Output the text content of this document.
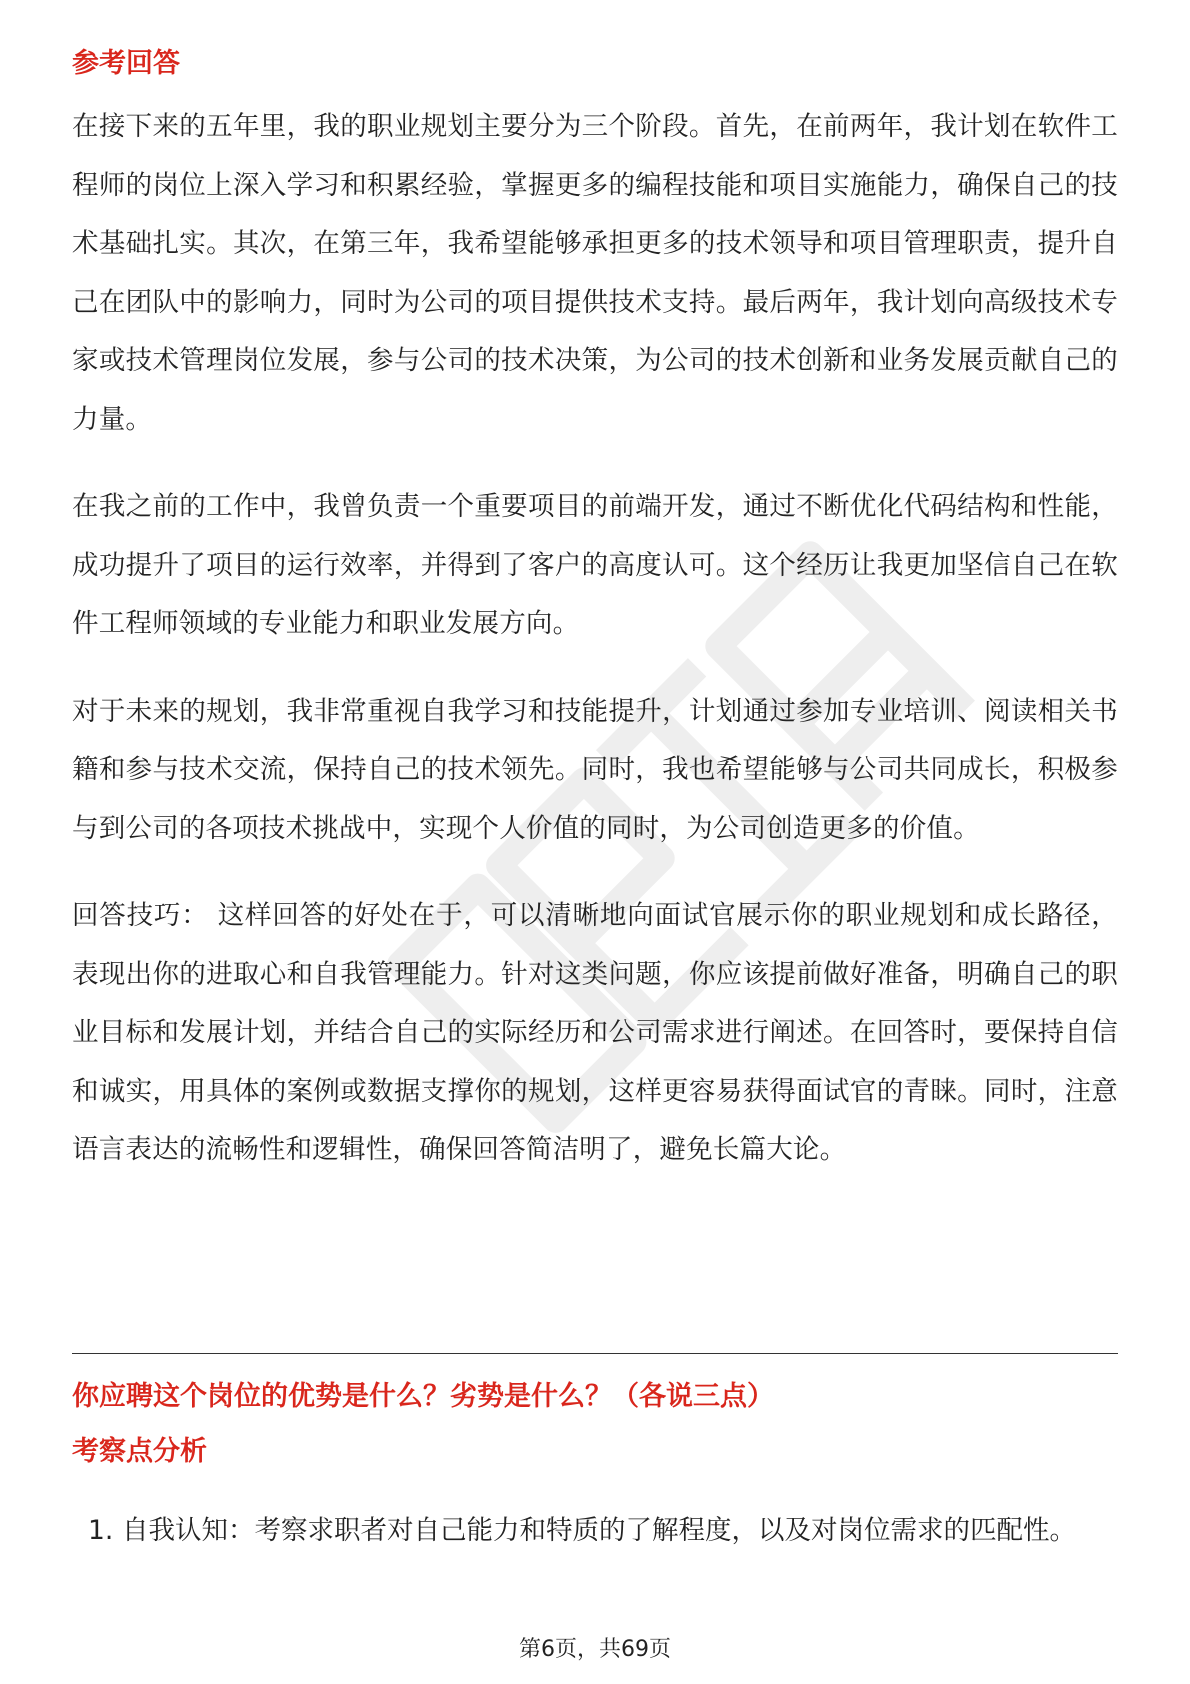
参考回答

在接下来的五年里，我的职业规划主要分为三个阶段。首先，在前两年，我计划在软件工程师的岗位上深入学习和积累经验，掌握更多的编程技能和项目实施能力，确保自己的技术基础扎实。其次，在第三年，我希望能够承担更多的技术领导和项目管理职责，提升自己在团队中的影响力，同时为公司的项目提供技术支持。最后两年，我计划向高级技术专家或技术管理岗位发展，参与公司的技术决策，为公司的技术创新和业务发展贡献自己的力量。

在我之前的工作中，我曾负责一个重要项目的前端开发，通过不断优化代码结构和性能，成功提升了项目的运行效率，并得到了客户的高度认可。这个经历让我更加坚信自己在软件工程师领域的专业能力和职业发展方向。

对于未来的规划，我非常重视自我学习和技能提升，计划通过参加专业培训、阅读相关书籍和参与技术交流，保持自己的技术领先。同时，我也希望能够与公司共同成长，积极参与到公司的各项技术挑战中，实现个人价值的同时，为公司创造更多的价值。

回答技巧： 这样回答的好处在于，可以清晰地向面试官展示你的职业规划和成长路径，表现出你的进取心和自我管理能力。针对这类问题，你应该提前做好准备，明确自己的职业目标和发展计划，并结合自己的实际经历和公司需求进行阐述。在回答时，要保持自信和诚实，用具体的案例或数据支撑你的规划，这样更容易获得面试官的青睐。同时，注意语言表达的流畅性和逻辑性，确保回答简洁明了，避免长篇大论。

你应聘这个岗位的优势是什么？劣势是什么？（各说三点）
考察点分析
1. 自我认知：考察求职者对自己能力和特质的了解程度，以及对岗位需求的匹配性。
第6页，共69页
